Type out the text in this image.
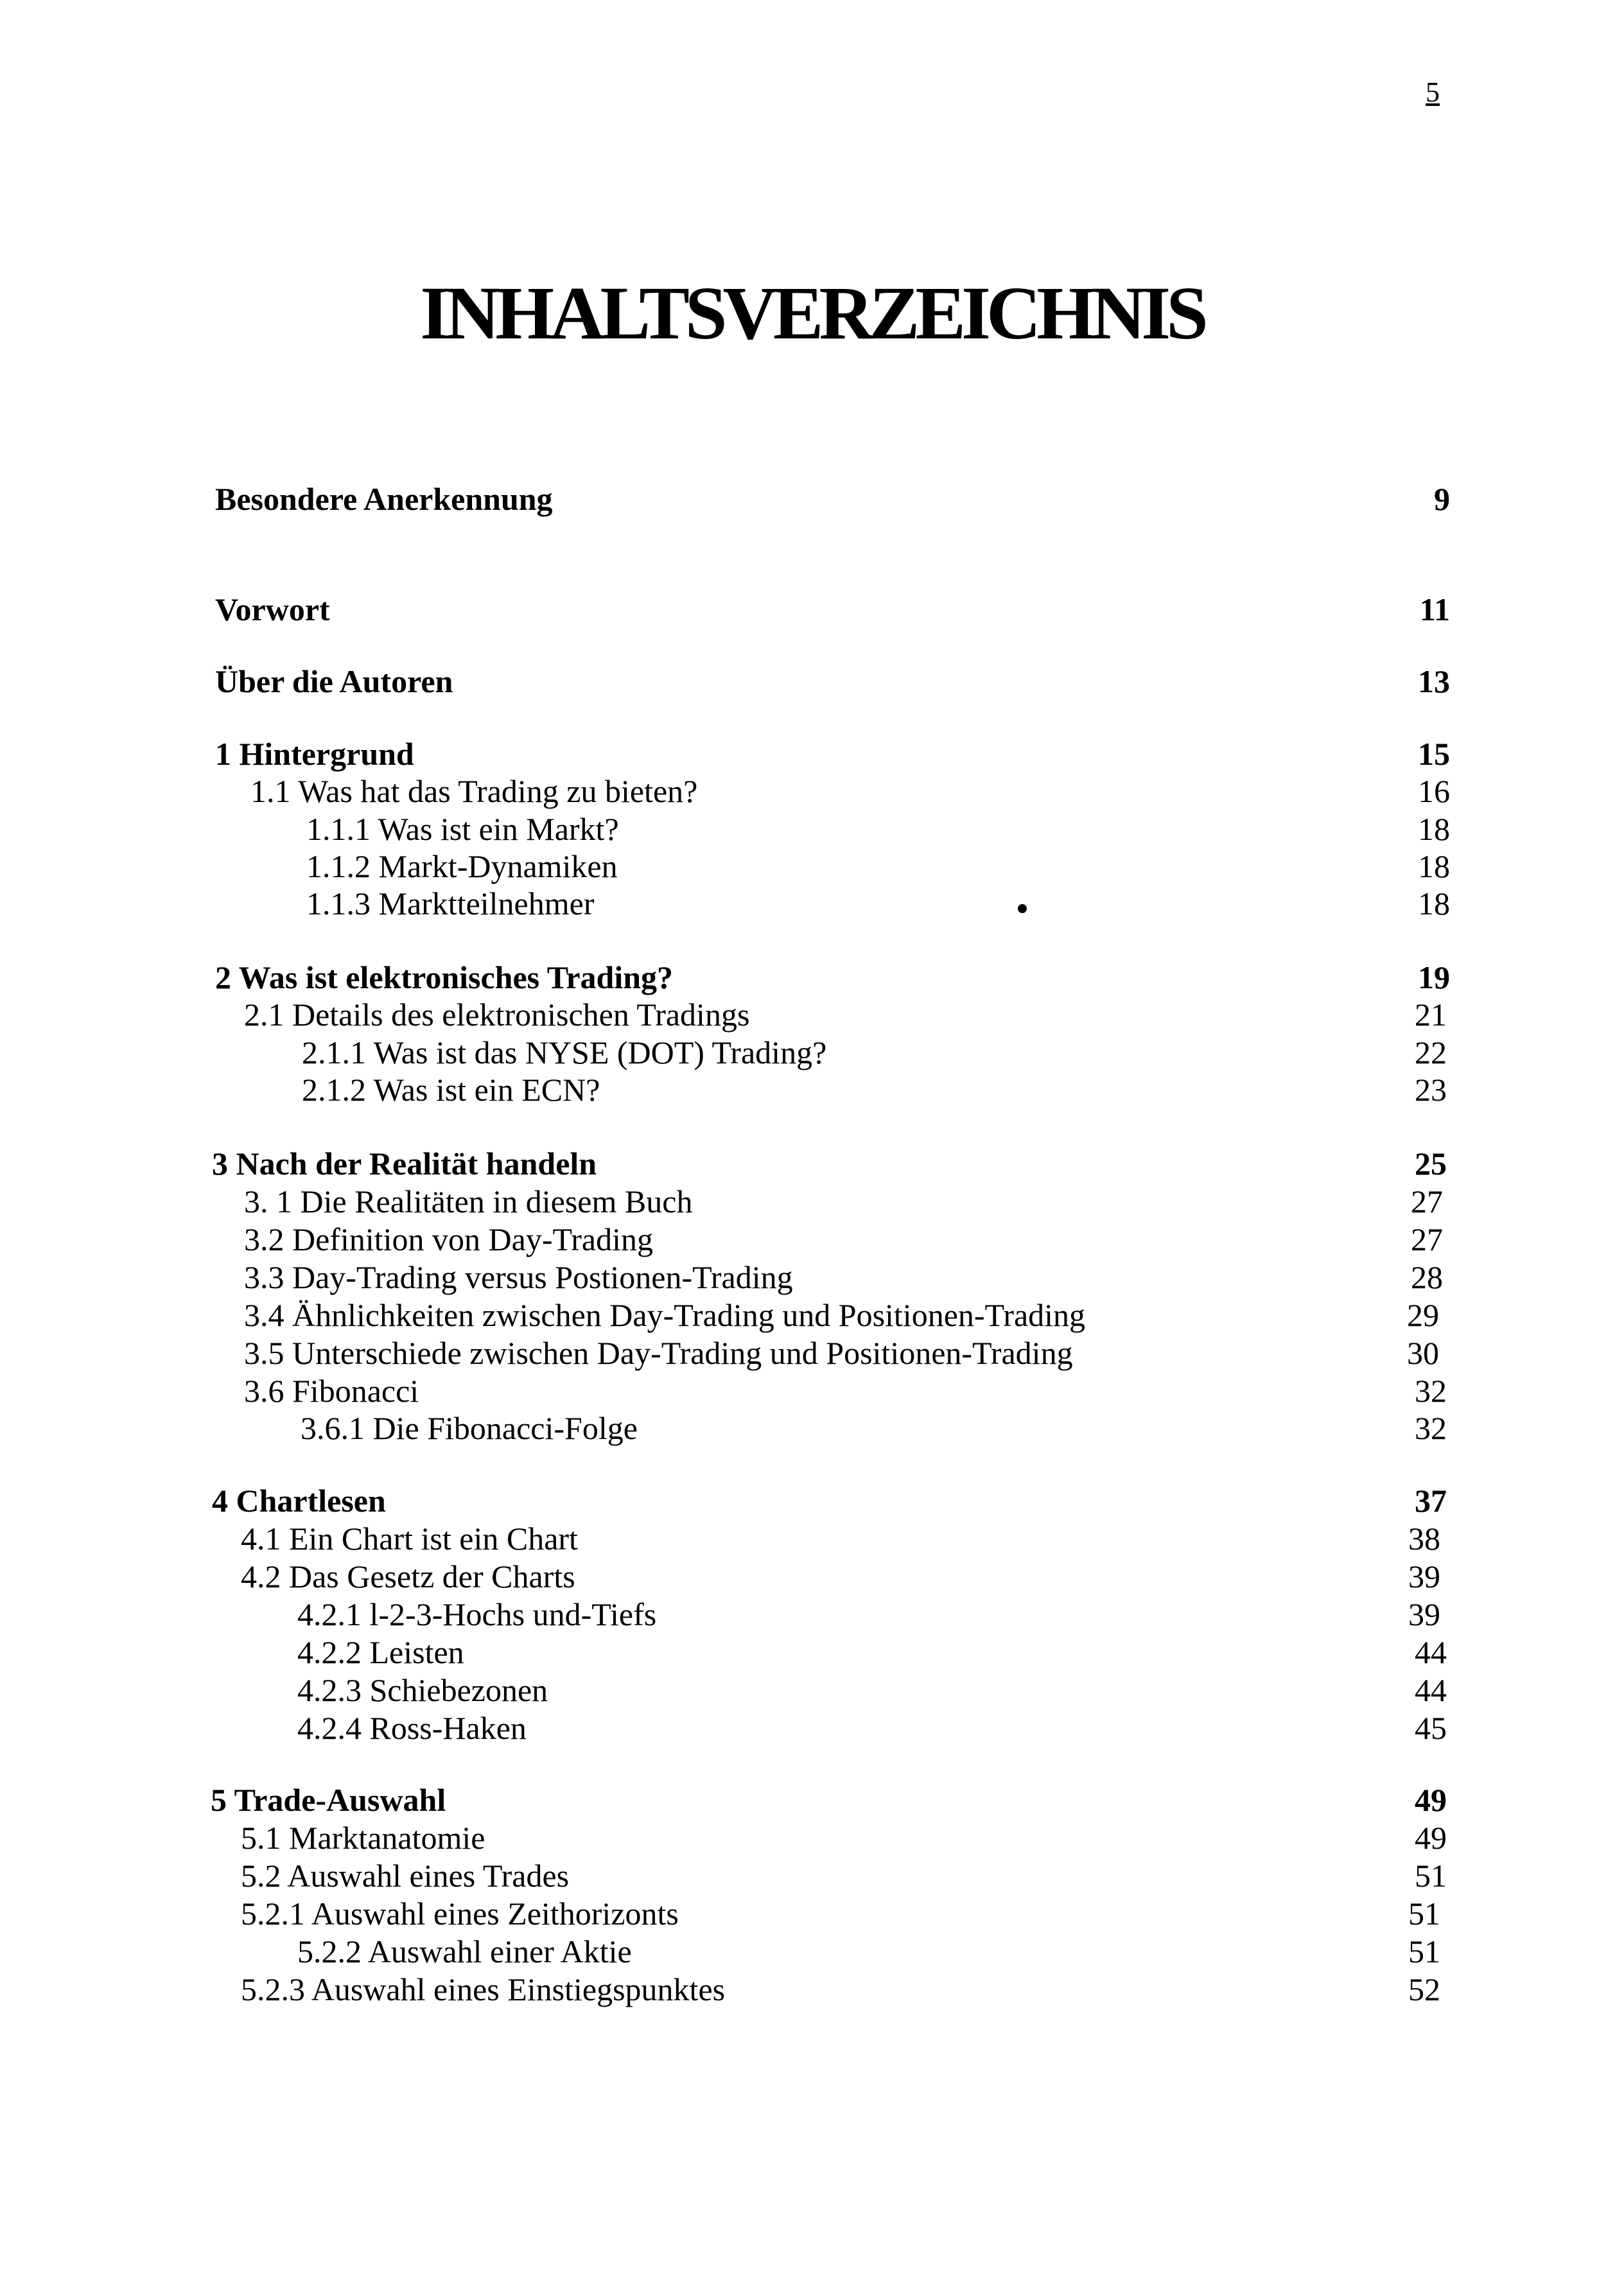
5
INHALTSVERZEICHNIS
Besondere Anerkennung	9
Vorwort	11
Über die Autoren	13
1 Hintergrund	15
1.1 Was hat das Trading zu bieten?	16
1.1.1 Was ist ein Markt?	18
1.1.2 Markt-Dynamiken	18
1.1.3 Marktteilnehmer	18
2 Was ist elektronisches Trading?	19
2.1 Details des elektronischen Tradings	21
2.1.1 Was ist das NYSE (DOT) Trading?	22
2.1.2 Was ist ein ECN?	23
3 Nach der Realität handeln	25
3. 1 Die Realitäten in diesem Buch	27
3.2 Definition von Day-Trading	27
3.3 Day-Trading versus Postionen-Trading	28
3.4 Ähnlichkeiten zwischen Day-Trading und Positionen-Trading	29
3.5 Unterschiede zwischen Day-Trading und Positionen-Trading	30
3.6 Fibonacci	32
3.6.1 Die Fibonacci-Folge	32
4 Chartlesen	37
4.1 Ein Chart ist ein Chart	38
4.2 Das Gesetz der Charts	39
4.2.1 l-2-3-Hochs und-Tiefs	39
4.2.2 Leisten	44
4.2.3 Schiebezonen	44
4.2.4 Ross-Haken	45
5 Trade-Auswahl	49
5.1 Marktanatomie	49
5.2 Auswahl eines Trades	51
5.2.1 Auswahl eines Zeithorizonts	51
5.2.2 Auswahl einer Aktie	51
5.2.3 Auswahl eines Einstiegspunktes	52
